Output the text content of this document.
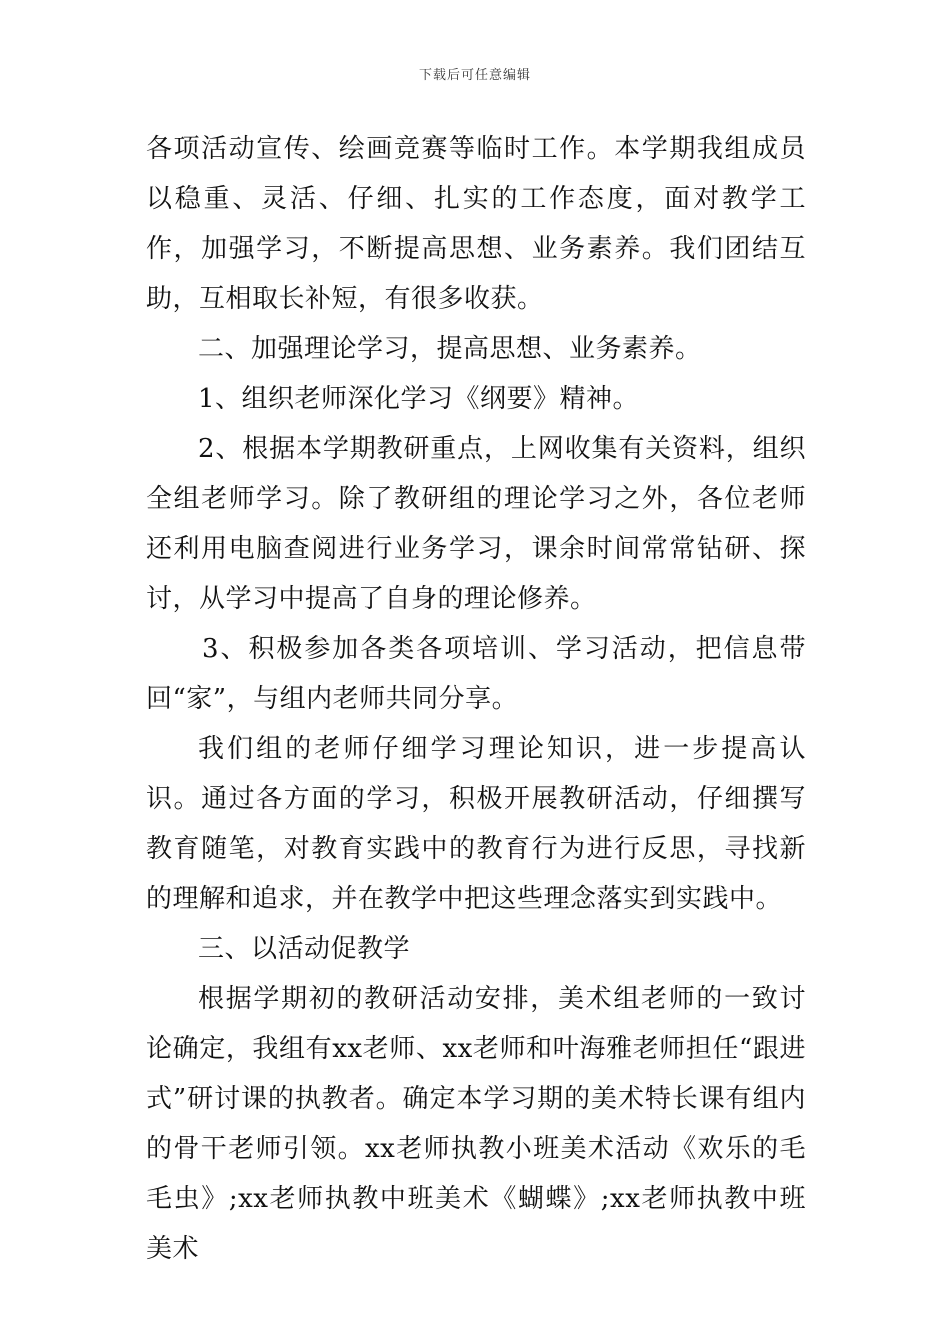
下载后可任意编辑

各项活动宣传、绘画竞赛等临时工作。本学期我组成员以稳重、灵活、仔细、扎实的工作态度，面对教学工作，加强学习，不断提高思想、业务素养。我们团结互助，互相取长补短，有很多收获。

二、加强理论学习，提高思想、业务素养。

1、组织老师深化学习《纲要》精神。

2、根据本学期教研重点，上网收集有关资料，组织全组老师学习。除了教研组的理论学习之外，各位老师还利用电脑查阅进行业务学习，课余时间常常钻研、探讨，从学习中提高了自身的理论修养。

3、积极参加各类各项培训、学习活动，把信息带回“家”，与组内老师共同分享。

我们组的老师仔细学习理论知识，进一步提高认识。通过各方面的学习，积极开展教研活动，仔细撰写教育随笔，对教育实践中的教育行为进行反思，寻找新的理解和追求，并在教学中把这些理念落实到实践中。

三、以活动促教学

根据学期初的教研活动安排，美术组老师的一致讨论确定，我组有xx老师、xx老师和叶海雅老师担任“跟进式”研讨课的执教者。确定本学习期的美术特长课有组内的骨干老师引领。xx老师执教小班美术活动《欢乐的毛毛虫》;xx老师执教中班美术《蝴蝶》;xx老师执教中班美术
